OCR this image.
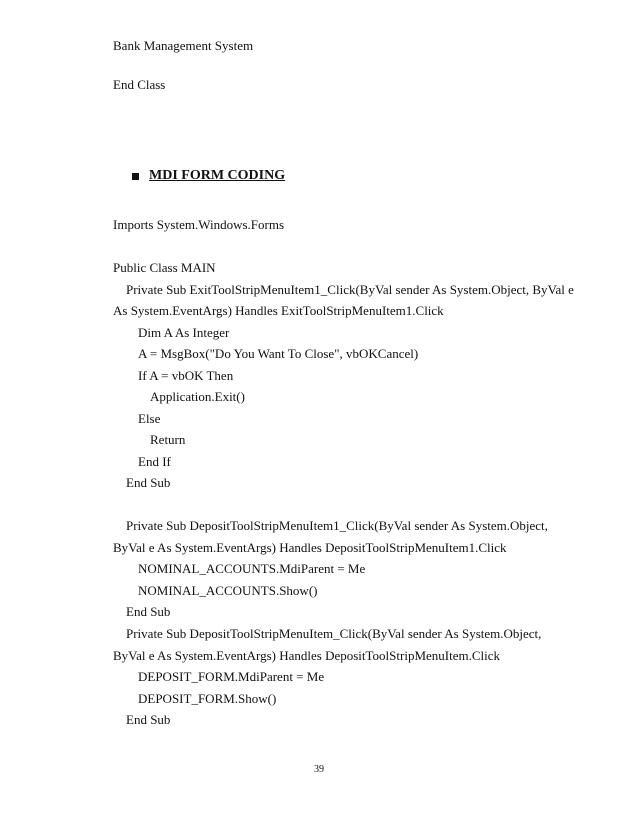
Bank Management System
End Class
MDI FORM CODING
Imports System.Windows.Forms
Public Class MAIN
Private Sub ExitToolStripMenuItem1_Click(ByVal sender As System.Object, ByVal e
As System.EventArgs) Handles ExitToolStripMenuItem1.Click
Dim A As Integer
A = MsgBox("Do You Want To Close", vbOKCancel)
If A = vbOK Then
Application.Exit()
Else
Return
End If
End Sub
Private Sub DepositToolStripMenuItem1_Click(ByVal sender As System.Object,
ByVal e As System.EventArgs) Handles DepositToolStripMenuItem1.Click
NOMINAL_ACCOUNTS.MdiParent = Me
NOMINAL_ACCOUNTS.Show()
End Sub
Private Sub DepositToolStripMenuItem_Click(ByVal sender As System.Object,
ByVal e As System.EventArgs) Handles DepositToolStripMenuItem.Click
DEPOSIT_FORM.MdiParent = Me
DEPOSIT_FORM.Show()
End Sub
39
